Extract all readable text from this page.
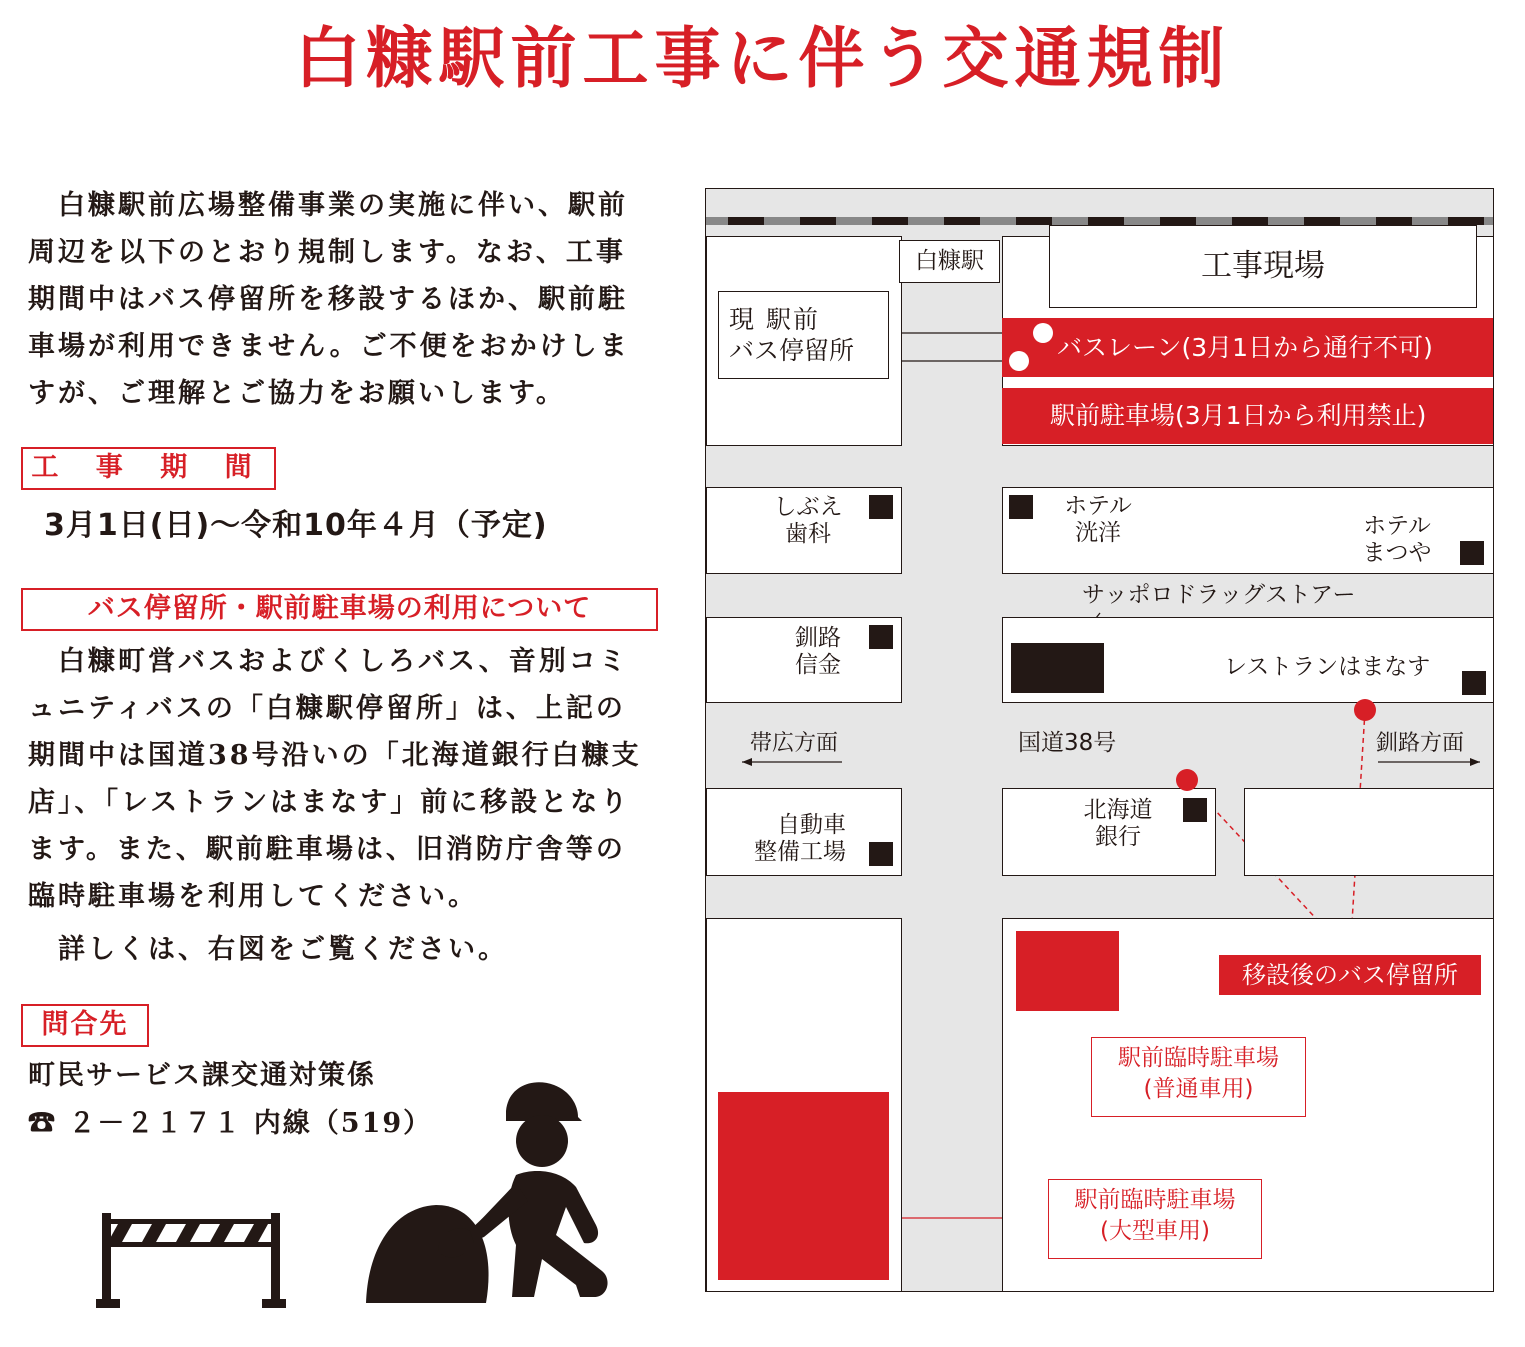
白糠駅前工事に伴う交通規制

白糠駅前広場整備事業の実施に伴い、駅前周辺を以下のとおり規制します。なお、工事期間中はバス停留所を移設するほか、駅前駐車場が利用できません。ご不便をおかけしますが、ご理解とご協力をお願いします。

工 事 期 間

3月1日(日)〜令和10年４月（予定)

バス停留所・駅前駐車場の利用について

白糠町営バスおよびくしろバス、音別コミュニティバスの「白糠駅停留所」は、上記の期間中は国道38号沿いの「北海道銀行白糠支店」、「レストランはまなす」前に移設となります。また、駅前駐車場は、旧消防庁舎等の臨時駐車場を利用してください。

詳しくは、右図をご覧ください。

問合先

町民サービス課交通対策係

☎ ２－２１７１ 内線（519）

白糠駅	工事現場
現 駅前
バス停留所	バスレーン(3月1日から通行不可)
駅前駐車場(3月1日から利用禁止)
しぶえ
歯科
ホテル
洸洋	ホテル
まつや
サッポロドラッグストアー
釧路
信金	レストランはまなす
帯広方面	国道38号	釧路方面
自動車
整備工場
北海道
銀行
移設後のバス停留所
駅前臨時駐車場
(普通車用)
駅前臨時駐車場
(大型車用)
